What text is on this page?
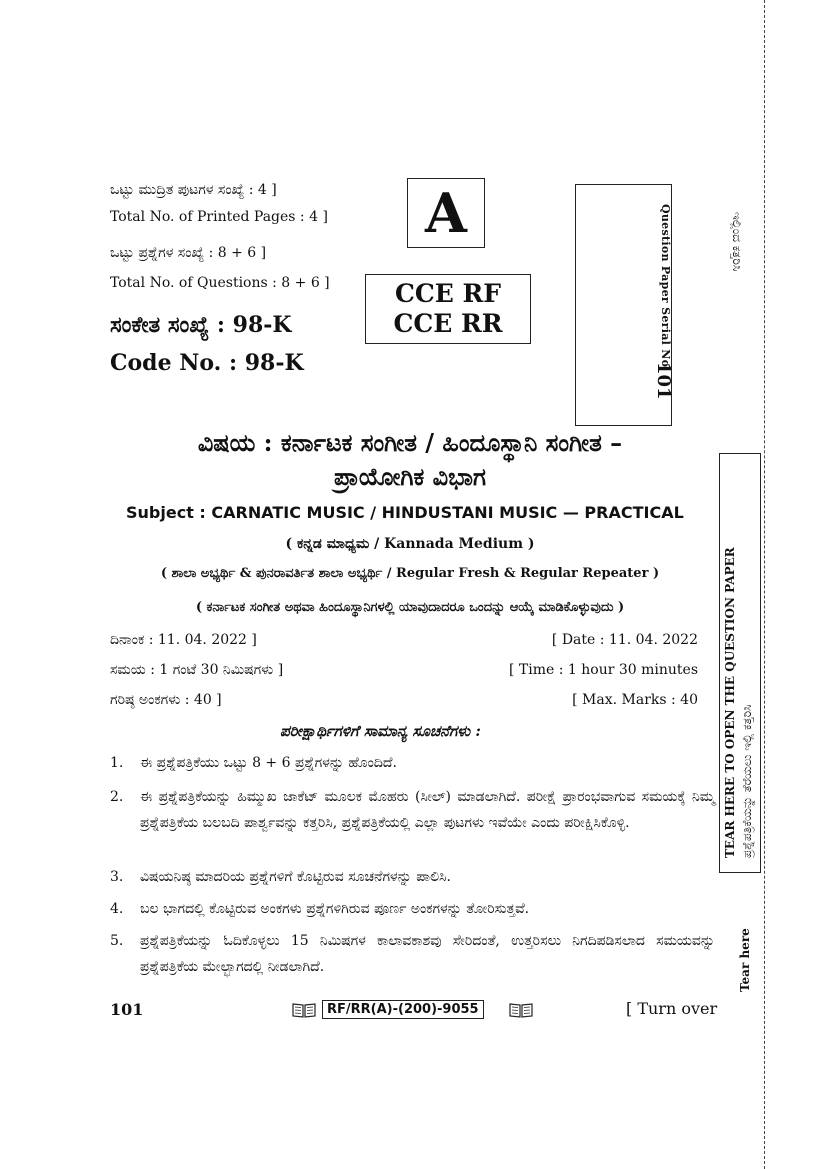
ಒಟ್ಟು ಮುದ್ರಿತ ಪುಟಗಳ ಸಂಖ್ಯೆ : 4 ]
Total No. of Printed Pages : 4 ]
ಒಟ್ಟು ಪ್ರಶ್ನೆಗಳ ಸಂಖ್ಯೆ : 8 + 6 ]
Total No. of Questions : 8 + 6 ]
ಸಂಕೇತ ಸಂಖ್ಯೆ : 98-K
Code No. : 98-K
A
CCE RF
CCE RR	Question Paper Serial No.
101
ಇಲ್ಲಿಂದ ಕತ್ತರಿಸಿ
TEAR HERE TO OPEN THE QUESTION PAPER ಪ್ರಶ್ನೆಪತ್ರಿಕೆಯನ್ನು ತೆರೆಯಲು ಇಲ್ಲಿ ಕತ್ತರಿಸಿ
Tear here
ವಿಷಯ : ಕರ್ನಾಟಕ ಸಂಗೀತ / ಹಿಂದೂಸ್ಥಾನಿ ಸಂಗೀತ –
ಪ್ರಾಯೋಗಿಕ ವಿಭಾಗ
Subject : CARNATIC MUSIC / HINDUSTANI MUSIC — PRACTICAL
( ಕನ್ನಡ ಮಾಧ್ಯಮ / Kannada Medium )
( ಶಾಲಾ ಅಭ್ಯರ್ಥಿ & ಪುನರಾವರ್ತಿತ ಶಾಲಾ ಅಭ್ಯರ್ಥಿ / Regular Fresh & Regular Repeater )
( ಕರ್ನಾಟಕ ಸಂಗೀತ ಅಥವಾ ಹಿಂದೂಸ್ಥಾನಿಗಳಲ್ಲಿ ಯಾವುದಾದರೂ ಒಂದನ್ನು ಆಯ್ಕೆ ಮಾಡಿಕೊಳ್ಳುವುದು )
ದಿನಾಂಕ : 11. 04. 2022 ]	[ Date : 11. 04. 2022
ಸಮಯ : 1 ಗಂಟೆ 30 ನಿಮಿಷಗಳು ]	[ Time : 1 hour 30 minutes
ಗರಿಷ್ಠ ಅಂಕಗಳು : 40 ]	[ Max. Marks : 40
ಪರೀಕ್ಷಾರ್ಥಿಗಳಿಗೆ ಸಾಮಾನ್ಯ ಸೂಚನೆಗಳು :
1.	ಈ ಪ್ರಶ್ನೆಪತ್ರಿಕೆಯು ಒಟ್ಟು 8 + 6 ಪ್ರಶ್ನೆಗಳನ್ನು ಹೊಂದಿದೆ.
2.	ಈ ಪ್ರಶ್ನೆಪತ್ರಿಕೆಯನ್ನು ಹಿಮ್ಮುಖ ಜಾಕೆಟ್ ಮೂಲಕ ಮೊಹರು (ಸೀಲ್) ಮಾಡಲಾಗಿದೆ. ಪರೀಕ್ಷೆ ಪ್ರಾರಂಭವಾಗುವ ಸಮಯಕ್ಕೆ ನಿಮ್ಮ ಪ್ರಶ್ನೆಪತ್ರಿಕೆಯ ಬಲಬದಿ ಪಾರ್ಶ್ವವನ್ನು ಕತ್ತರಿಸಿ, ಪ್ರಶ್ನೆಪತ್ರಿಕೆಯಲ್ಲಿ ಎಲ್ಲಾ ಪುಟಗಳು ಇವೆಯೇ ಎಂದು ಪರೀಕ್ಷಿಸಿಕೊಳ್ಳಿ.
3.	ವಿಷಯನಿಷ್ಠ ಮಾದರಿಯ ಪ್ರಶ್ನೆಗಳಿಗೆ ಕೊಟ್ಟಿರುವ ಸೂಚನೆಗಳನ್ನು ಪಾಲಿಸಿ.
4.	ಬಲ ಭಾಗದಲ್ಲಿ ಕೊಟ್ಟಿರುವ ಅಂಕಗಳು ಪ್ರಶ್ನೆಗಳಿಗಿರುವ ಪೂರ್ಣ ಅಂಕಗಳನ್ನು ತೋರಿಸುತ್ತವೆ.
5.	ಪ್ರಶ್ನೆಪತ್ರಿಕೆಯನ್ನು ಓದಿಕೊಳ್ಳಲು 15 ನಿಮಿಷಗಳ ಕಾಲಾವಕಾಶವು ಸೇರಿದಂತೆ, ಉತ್ತರಿಸಲು ನಿಗದಿಪಡಿಸಲಾದ ಸಮಯವನ್ನು ಪ್ರಶ್ನೆಪತ್ರಿಕೆಯ ಮೇಲ್ಭಾಗದಲ್ಲಿ ನೀಡಲಾಗಿದೆ.
101	RF/RR(A)-(200)-9055	[ Turn over
